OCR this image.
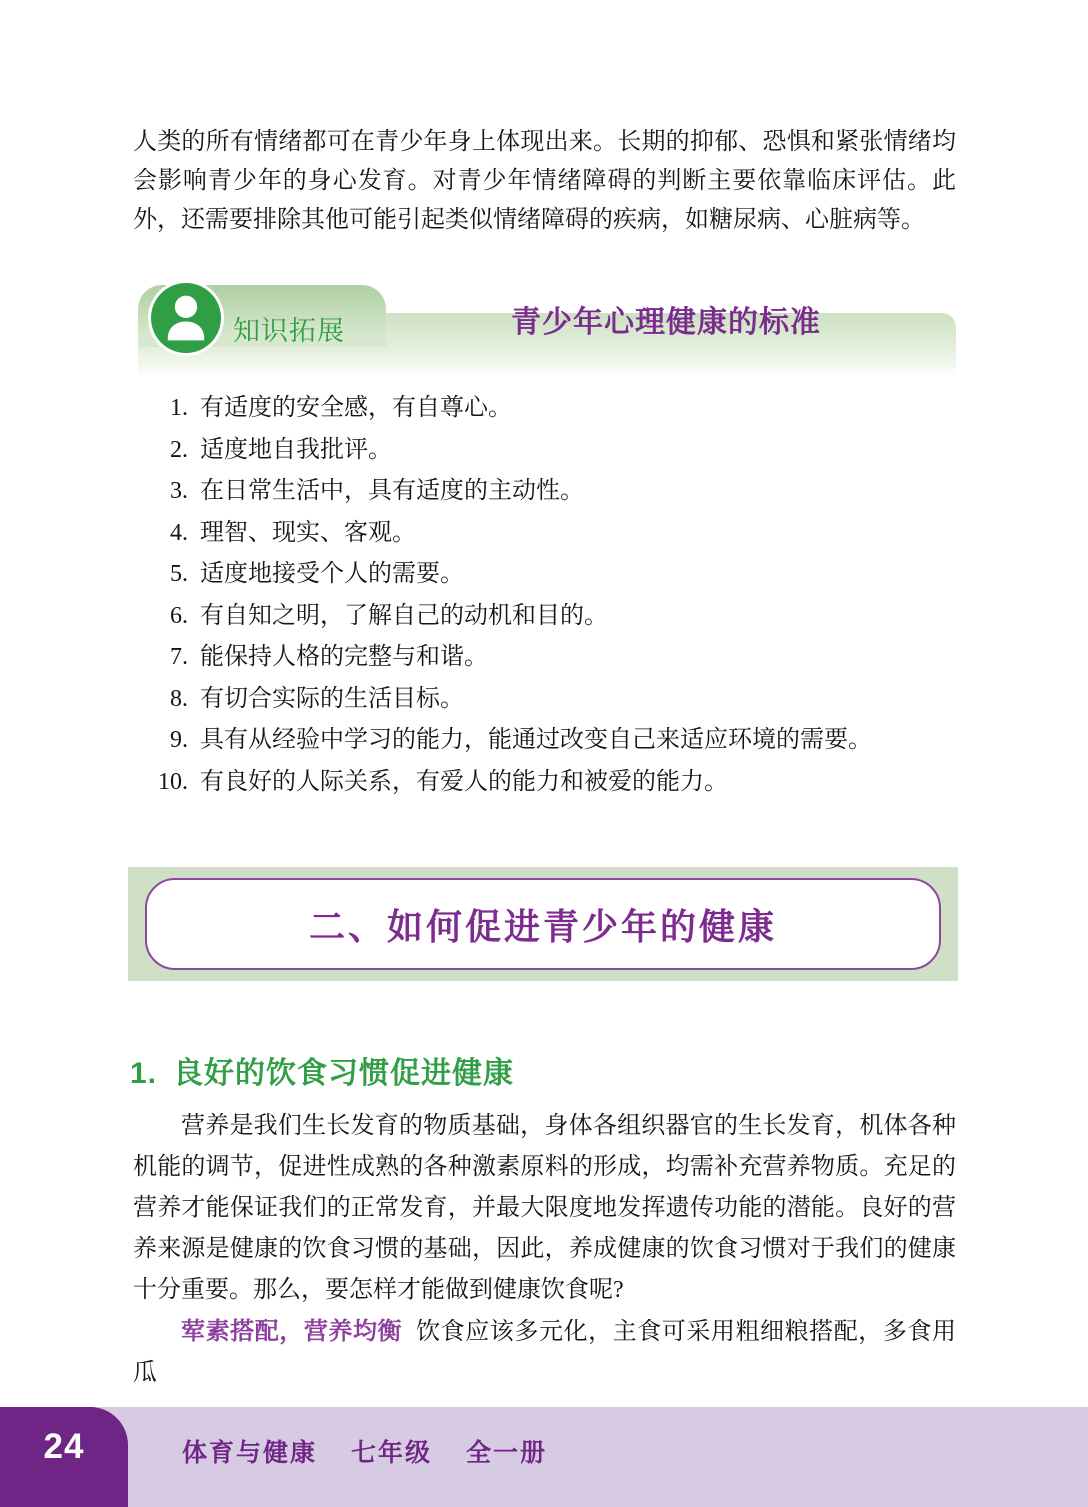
人类的所有情绪都可在青少年身上体现出来。长期的抑郁、恐惧和紧张情绪均会影响青少年的身心发育。对青少年情绪障碍的判断主要依靠临床评估。此外，还需要排除其他可能引起类似情绪障碍的疾病，如糖尿病、心脏病等。

知识拓展	青少年心理健康的标准
1. 有适度的安全感，有自尊心。
2. 适度地自我批评。
3. 在日常生活中，具有适度的主动性。
4. 理智、现实、客观。
5. 适度地接受个人的需要。
6. 有自知之明，了解自己的动机和目的。
7. 能保持人格的完整与和谐。
8. 有切合实际的生活目标。
9. 具有从经验中学习的能力，能通过改变自己来适应环境的需要。
10. 有良好的人际关系，有爱人的能力和被爱的能力。
二、如何促进青少年的健康
1. 良好的饮食习惯促进健康

营养是我们生长发育的物质基础，身体各组织器官的生长发育，机体各种机能的调节，促进性成熟的各种激素原料的形成，均需补充营养物质。充足的营养才能保证我们的正常发育，并最大限度地发挥遗传功能的潜能。良好的营养来源是健康的饮食习惯的基础，因此，养成健康的饮食习惯对于我们的健康十分重要。那么，要怎样才能做到健康饮食呢?

荤素搭配，营养均衡 饮食应该多元化，主食可采用粗细粮搭配，多食用瓜

24	体育与健康 七年级 全一册
